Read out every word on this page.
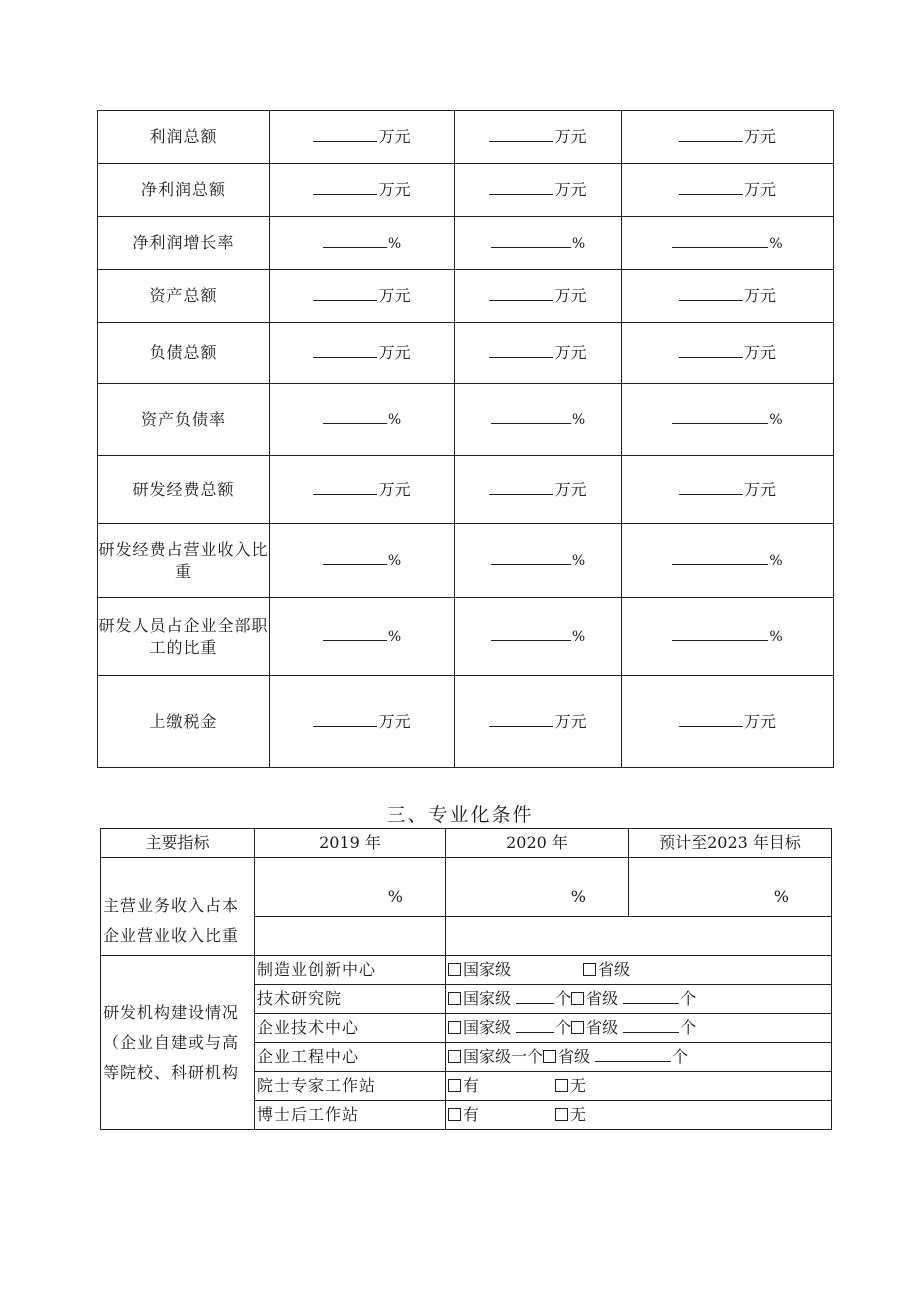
利润总额	万元	万元	万元
净利润总额	万元	万元	万元
净利润增长率	%	%	%
资产总额	万元	万元	万元
负债总额	万元	万元	万元
资产负债率	%	%	%
研发经费总额	万元	万元	万元
研发经费占营业收入比重	%	%	%
研发人员占企业全部职工的比重	%	%	%
上缴税金	万元	万元	万元
三、专业化条件
主要指标	2019 年	2020 年	预计至2023 年目标
主营业务收入占本企业营业收入比重	%	%	%

研发机构建设情况（企业自建或与高等院校、科研机构	制造业创新中心	国家级 省级	
	技术研究院	国家级 个 省级 个	
	企业技术中心	国家级 个 省级 个	
	企业工程中心	国家级一个 省级 个	
	院士专家工作站	有 无	
	博士后工作站	有 无	
